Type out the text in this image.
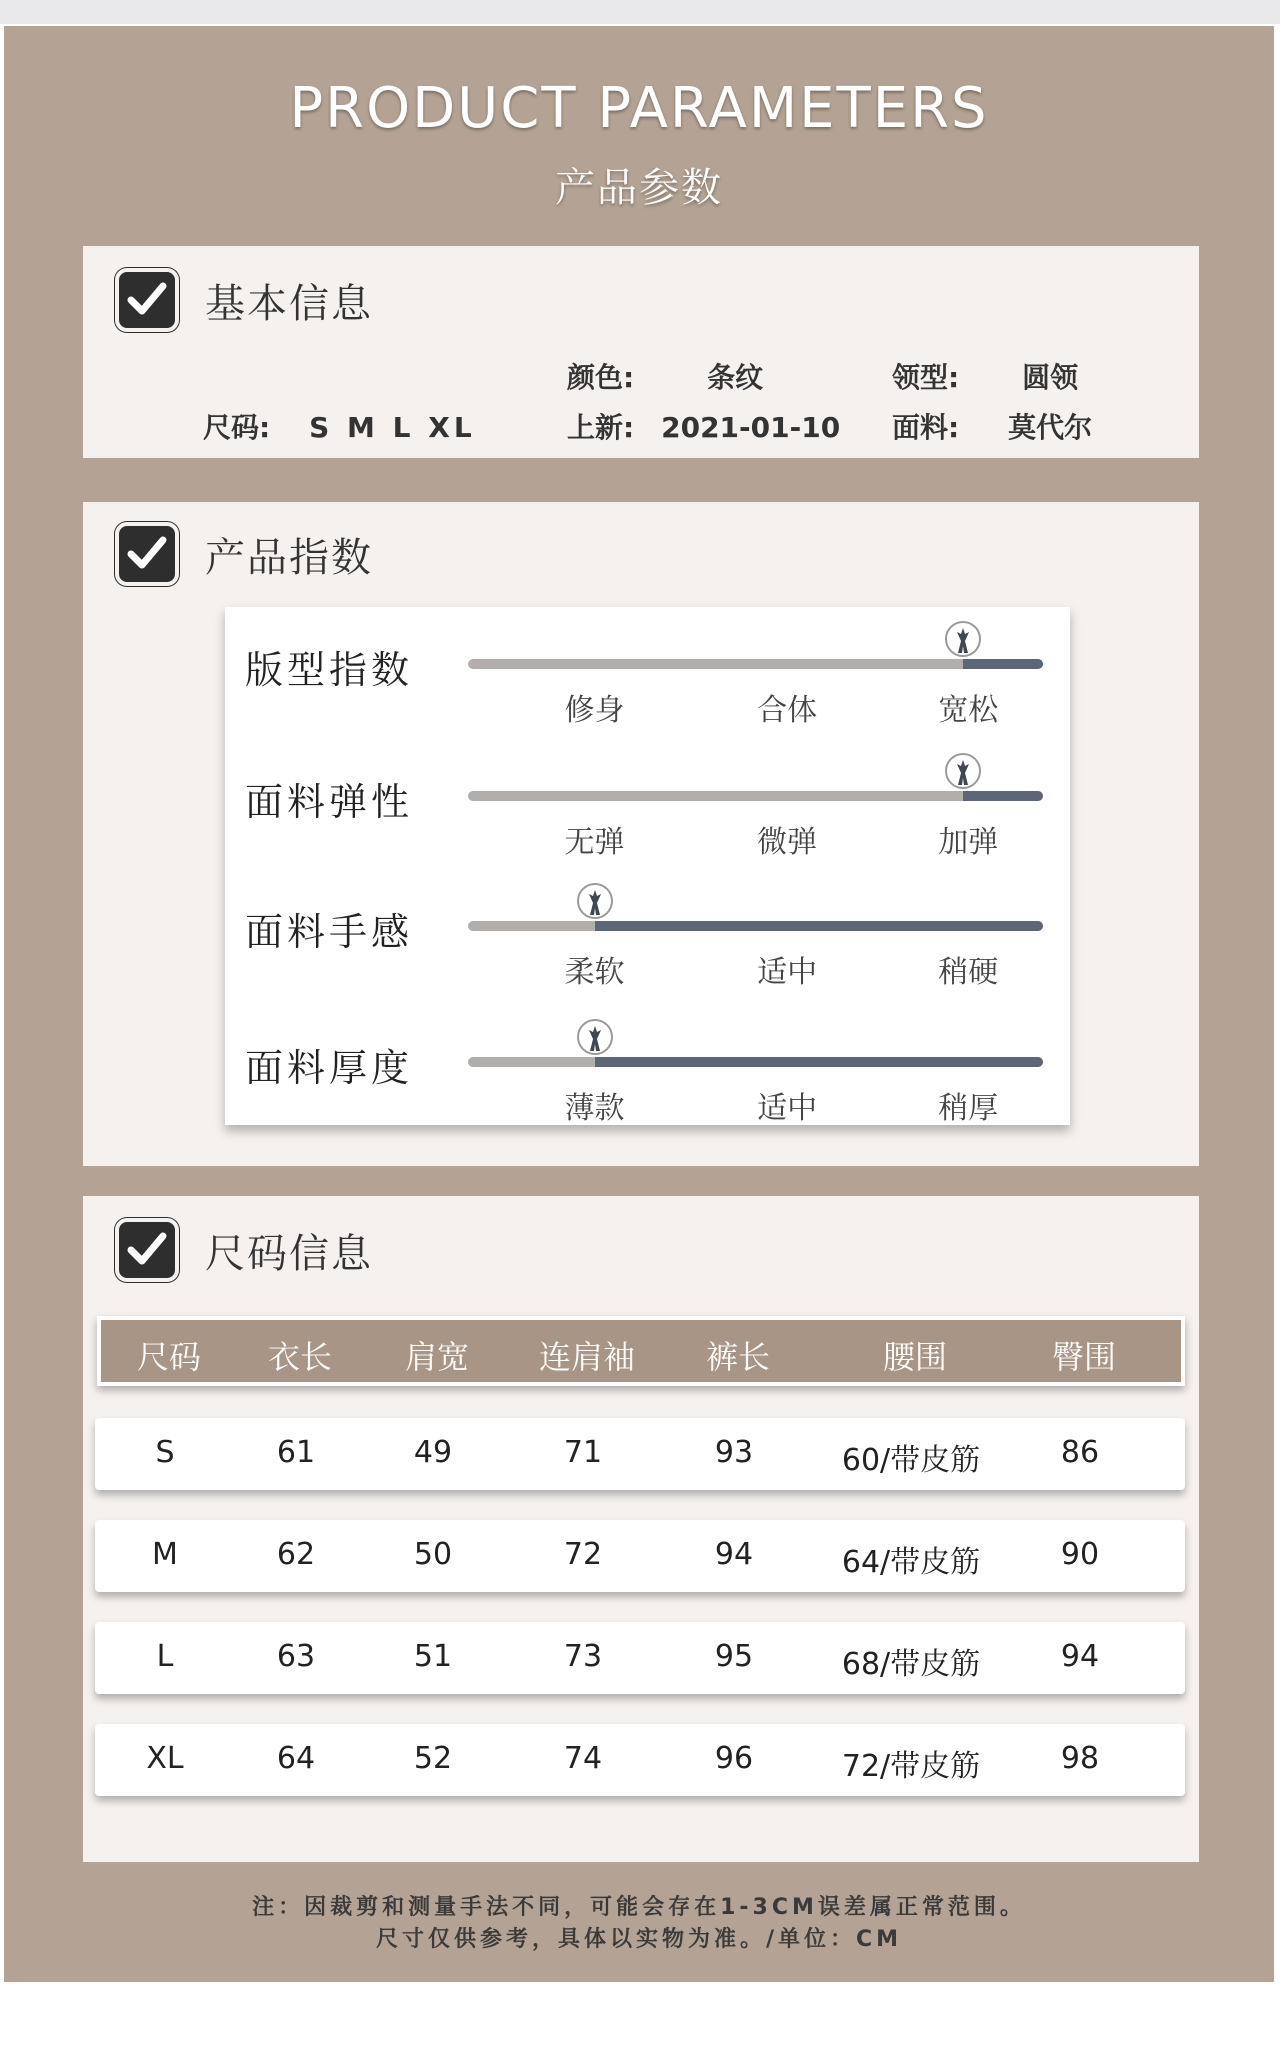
PRODUCT PARAMETERS
产品参数
基本信息
尺码: S M L XL
颜色:	条纹
上新: 2021-01-10
领型: 圆领
面料: 莫代尔
产品指数
版型指数
修身	合体	宽松
面料弹性
无弹	微弹	加弹
面料手感
柔软	适中	稍硬
面料厚度
薄款	适中	稍厚
尺码信息
尺码	衣长	肩宽	连肩袖	裤长	腰围	臀围
S	61	49	71	93	60/带皮筋	86
M	62	50	72	94	64/带皮筋	90
L	63	51	73	95	68/带皮筋	94
XL	64	52	74	96	72/带皮筋	98
注：因裁剪和测量手法不同，可能会存在1-3CM误差属正常范围。
尺寸仅供参考，具体以实物为准。/单位：CM
